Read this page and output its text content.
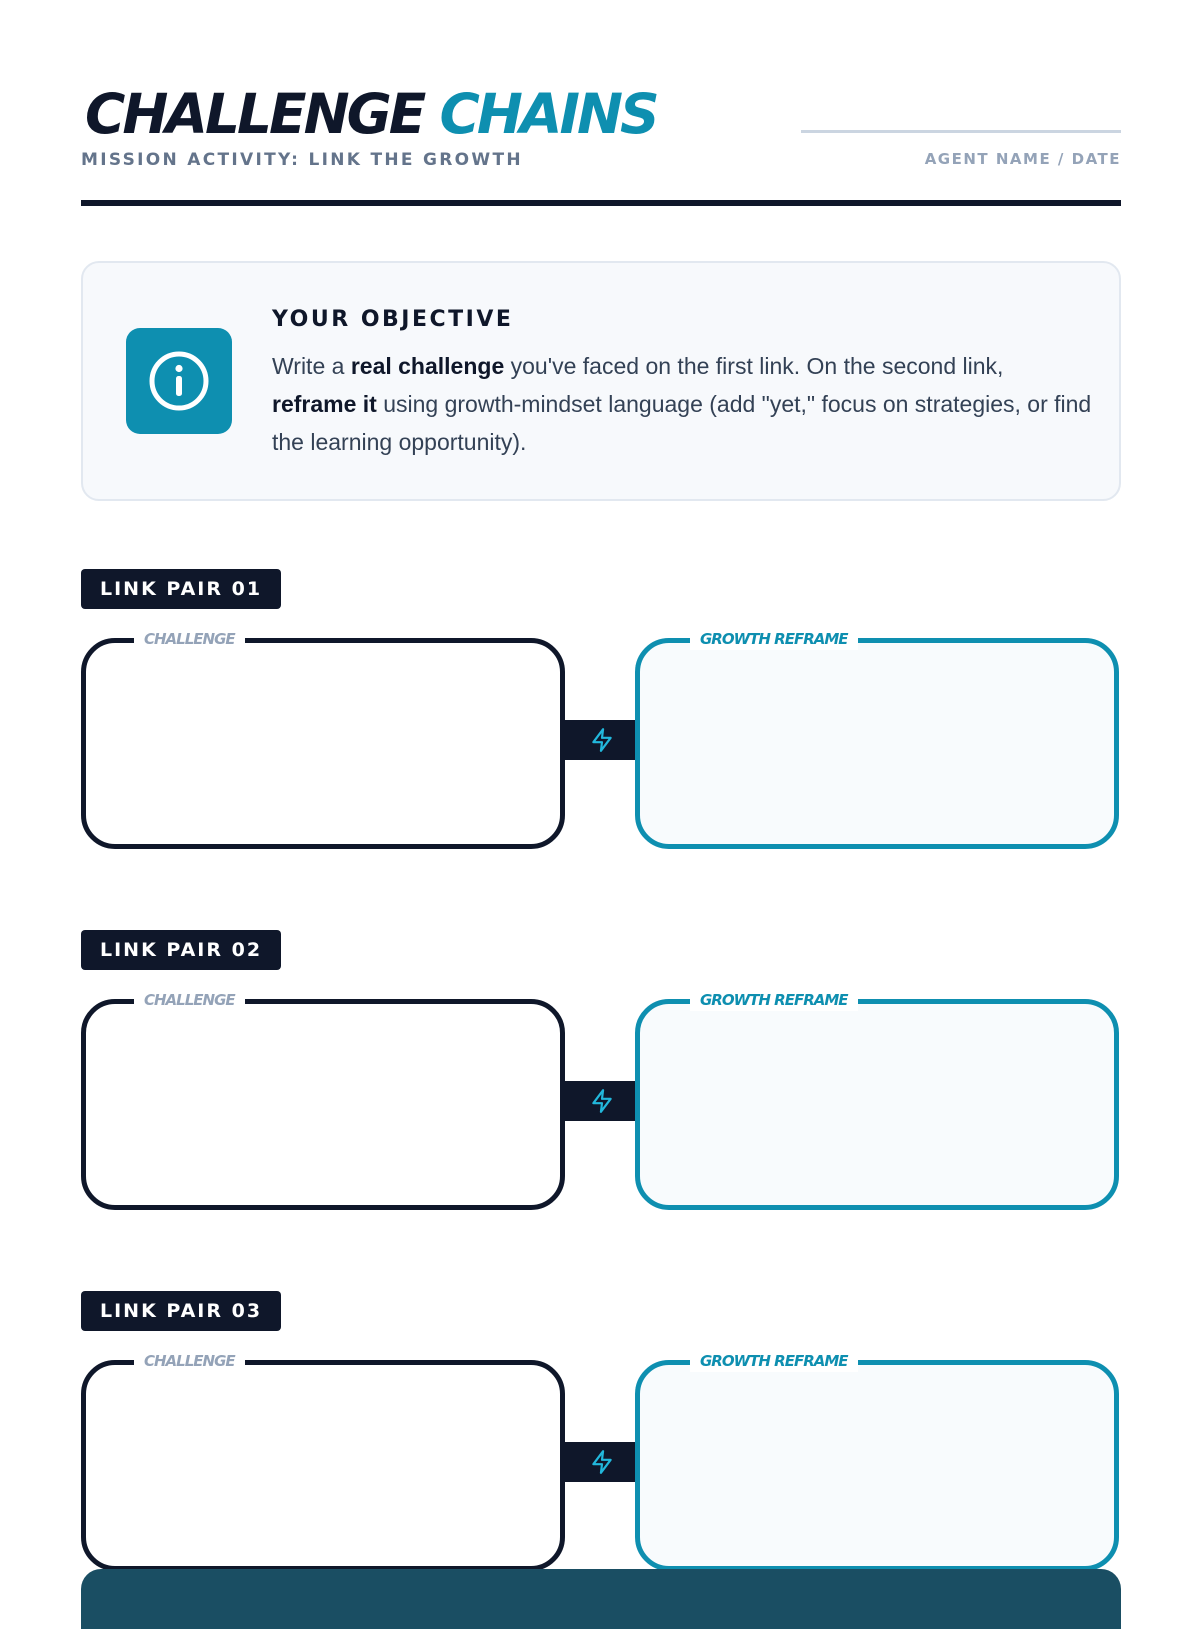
CHALLENGE CHAINS
MISSION ACTIVITY: LINK THE GROWTH	AGENT NAME / DATE
YOUR OBJECTIVE
Write a real challenge you've faced on the first link. On the second link, reframe it using growth-mindset language (add "yet," focus on strategies, or find the learning opportunity).
LINK PAIR 01
CHALLENGE	GROWTH REFRAME
LINK PAIR 02
CHALLENGE	GROWTH REFRAME
LINK PAIR 03
CHALLENGE	GROWTH REFRAME
